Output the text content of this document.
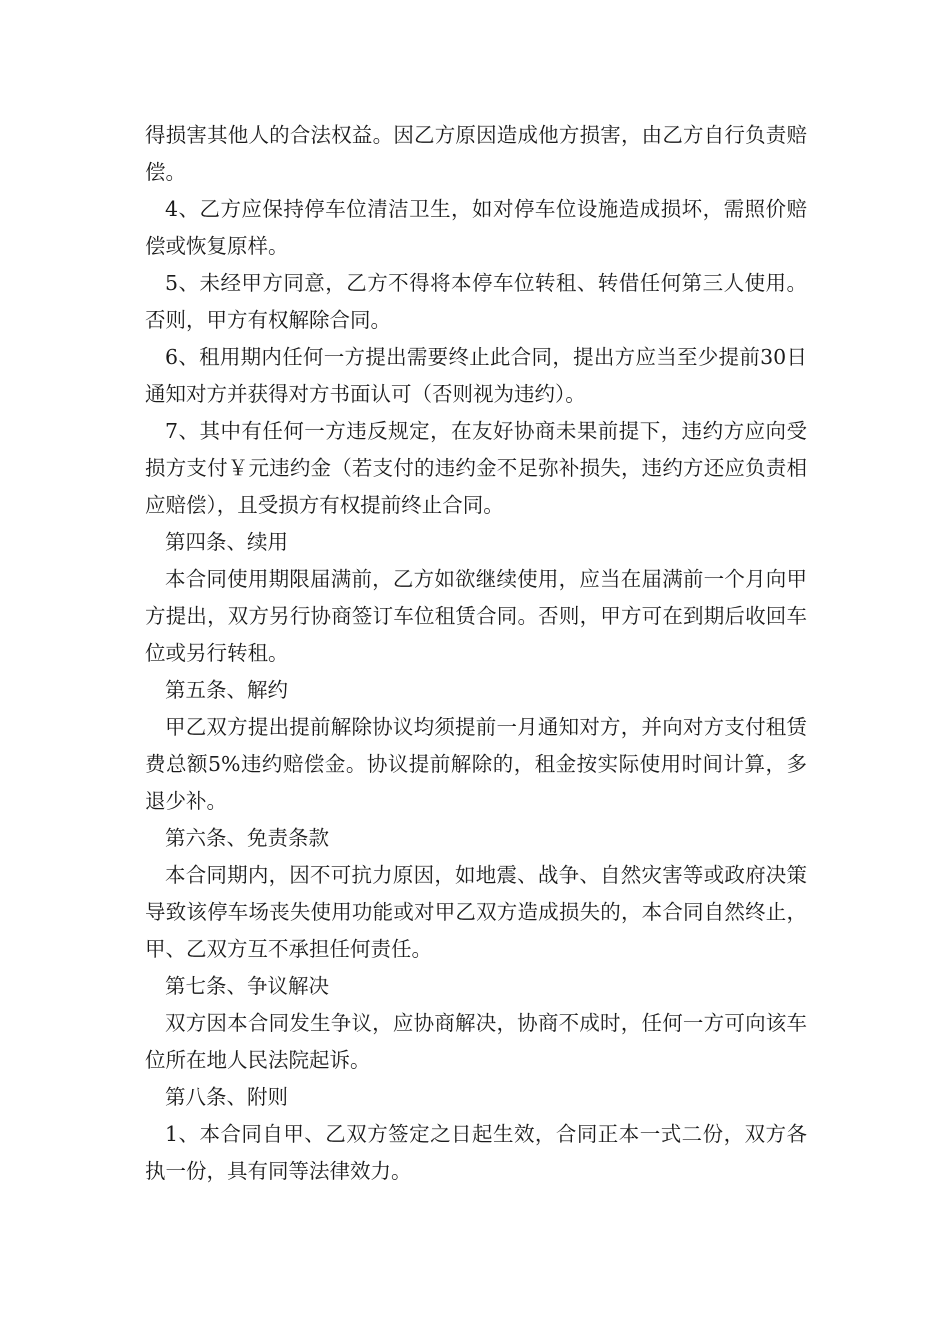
得损害其他人的合法权益。因乙方原因造成他方损害，由乙方自行负责赔偿。

4、乙方应保持停车位清洁卫生，如对停车位设施造成损坏，需照价赔偿或恢复原样。

5、未经甲方同意，乙方不得将本停车位转租、转借任何第三人使用。否则，甲方有权解除合同。

6、租用期内任何一方提出需要终止此合同，提出方应当至少提前30日通知对方并获得对方书面认可（否则视为违约）。

7、其中有任何一方违反规定，在友好协商未果前提下，违约方应向受损方支付￥元违约金（若支付的违约金不足弥补损失，违约方还应负责相应赔偿），且受损方有权提前终止合同。

第四条、续用

本合同使用期限届满前，乙方如欲继续使用，应当在届满前一个月向甲方提出，双方另行协商签订车位租赁合同。否则，甲方可在到期后收回车位或另行转租。

第五条、解约

甲乙双方提出提前解除协议均须提前一月通知对方，并向对方支付租赁费总额5%违约赔偿金。协议提前解除的，租金按实际使用时间计算，多退少补。

第六条、免责条款

本合同期内，因不可抗力原因，如地震、战争、自然灾害等或政府决策导致该停车场丧失使用功能或对甲乙双方造成损失的，本合同自然终止，甲、乙双方互不承担任何责任。

第七条、争议解决

双方因本合同发生争议，应协商解决，协商不成时，任何一方可向该车位所在地人民法院起诉。

第八条、附则

1、本合同自甲、乙双方签定之日起生效，合同正本一式二份，双方各执一份，具有同等法律效力。
